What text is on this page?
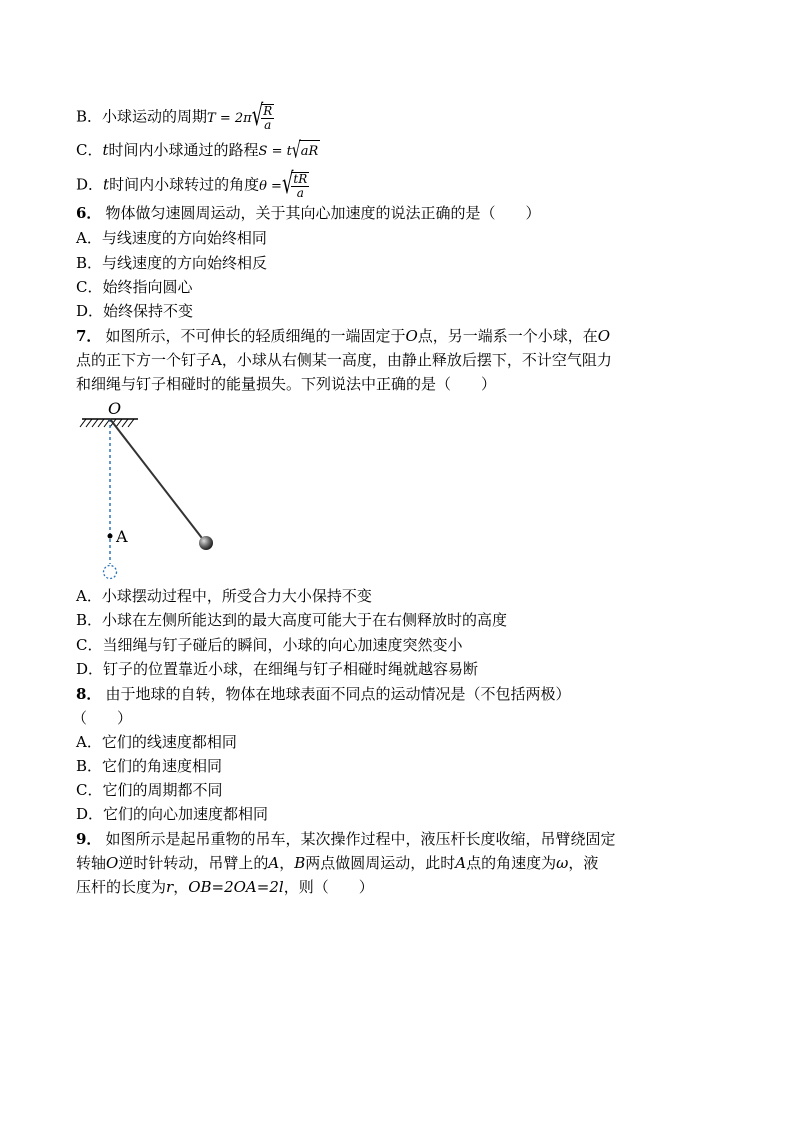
B．小球运动的周期T = 2π√
$\frac{R}{a}$
C．t时间内小球通过的路程S = t√aR
D．t时间内小球转过的角度θ =√
$\frac{tR}{a}$
6． 物体做匀速圆周运动，关于其向心加速度的说法正确的是（　　）
A．与线速度的方向始终相同
B．与线速度的方向始终相反
C．始终指向圆心
D．始终保持不变
7． 如图所示，不可伸长的轻质细绳的一端固定于O点，另一端系一个小球，在O
点的正下方一个钉子A，小球从右侧某一高度，由静止释放后摆下，不计空气阻力
和细绳与钉子相碰时的能量损失。下列说法中正确的是（　　）
O
A
A．小球摆动过程中，所受合力大小保持不变
B．小球在左侧所能达到的最大高度可能大于在右侧释放时的高度
C．当细绳与钉子碰后的瞬间，小球的向心加速度突然变小
D．钉子的位置靠近小球，在细绳与钉子相碰时绳就越容易断
8． 由于地球的自转，物体在地球表面不同点的运动情况是（不包括两极）
（　　）
A．它们的线速度都相同
B．它们的角速度相同
C．它们的周期都不同
D．它们的向心加速度都相同
9． 如图所示是起吊重物的吊车，某次操作过程中，液压杆长度收缩，吊臂绕固定
转轴O逆时针转动，吊臂上的A，B两点做圆周运动，此时A点的角速度为ω，液
压杆的长度为r，OB=2OA=2l，则（　　）
